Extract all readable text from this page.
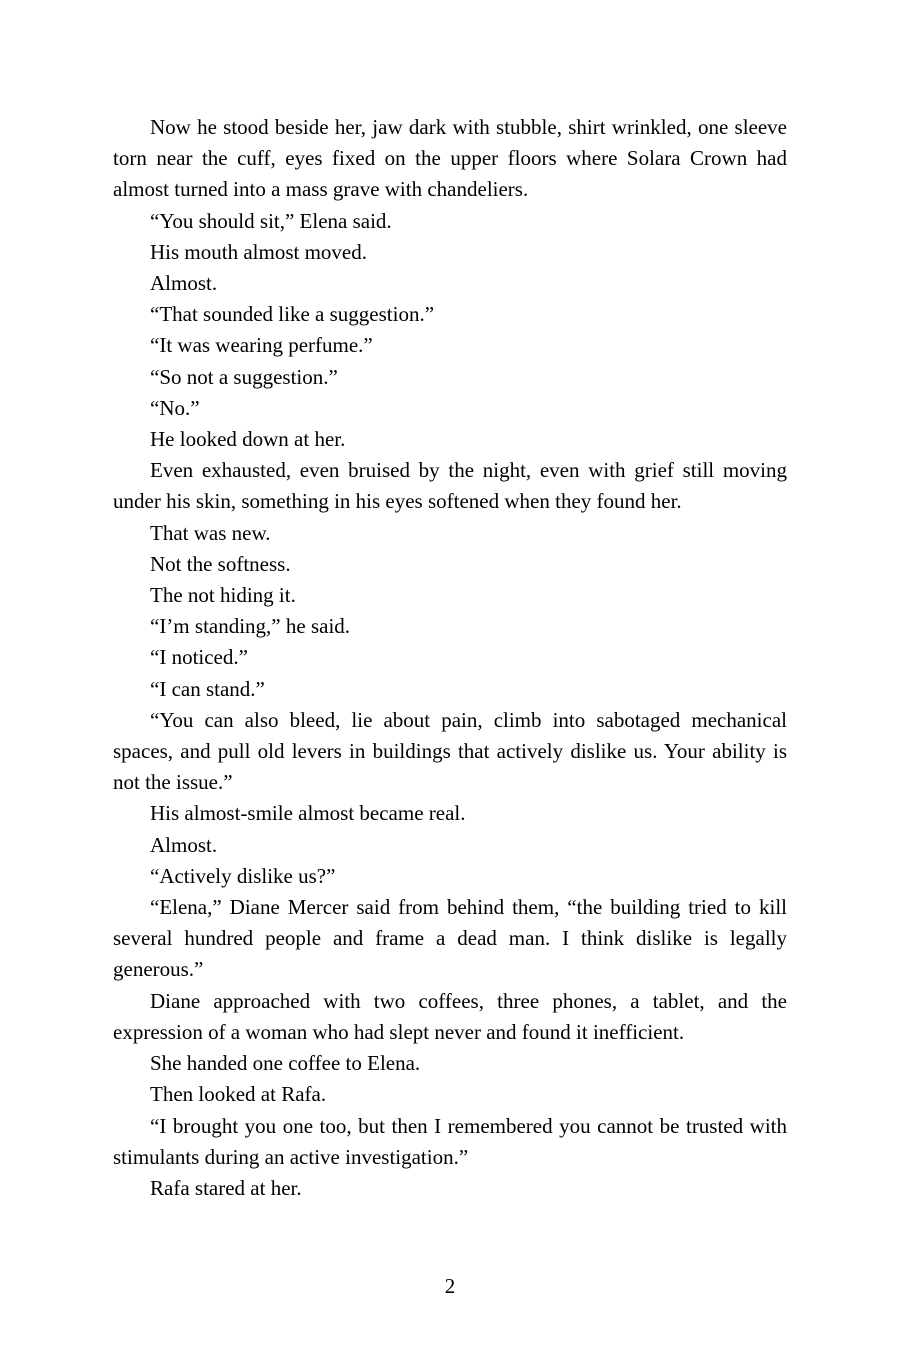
Now he stood beside her, jaw dark with stubble, shirt wrinkled, one sleeve torn near the cuff, eyes fixed on the upper floors where Solara Crown had almost turned into a mass grave with chandeliers.

“You should sit,” Elena said.

His mouth almost moved.

Almost.

“That sounded like a suggestion.”

“It was wearing perfume.”

“So not a suggestion.”

“No.”

He looked down at her.

Even exhausted, even bruised by the night, even with grief still moving under his skin, something in his eyes softened when they found her.

That was new.

Not the softness.

The not hiding it.

“I’m standing,” he said.

“I noticed.”

“I can stand.”

“You can also bleed, lie about pain, climb into sabotaged mechanical spaces, and pull old levers in buildings that actively dislike us. Your ability is not the issue.”

His almost-smile almost became real.

Almost.

“Actively dislike us?”

“Elena,” Diane Mercer said from behind them, “the building tried to kill several hundred people and frame a dead man. I think dislike is legally generous.”

Diane approached with two coffees, three phones, a tablet, and the expression of a woman who had slept never and found it inefficient.

She handed one coffee to Elena.

Then looked at Rafa.

“I brought you one too, but then I remembered you cannot be trusted with stimulants during an active investigation.”

Rafa stared at her.

2
